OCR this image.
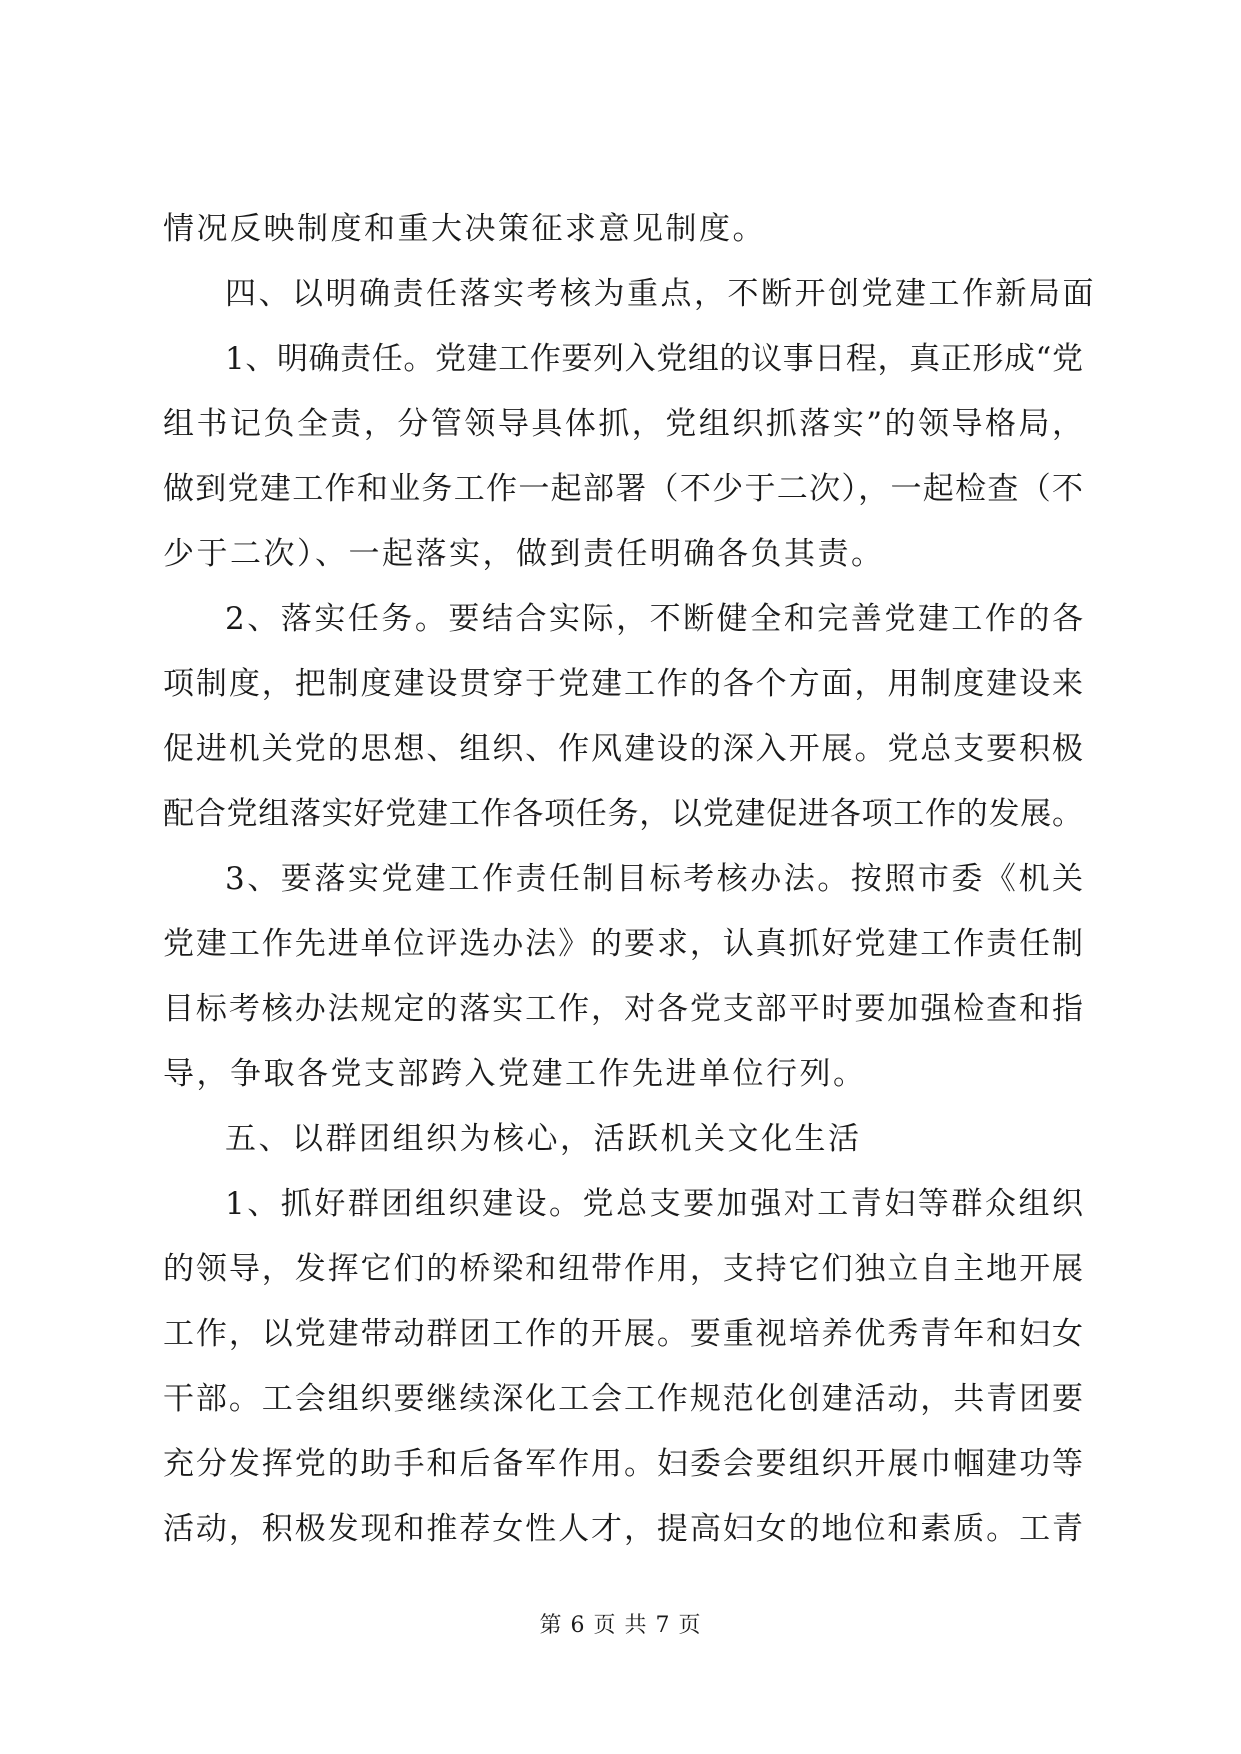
情况反映制度和重大决策征求意见制度。
四、以明确责任落实考核为重点，不断开创党建工作新局面
1、明确责任。党建工作要列入党组的议事日程，真正形成“党
组书记负全责，分管领导具体抓，党组织抓落实”的领导格局，
做到党建工作和业务工作一起部署（不少于二次），一起检查（不
少于二次）、一起落实，做到责任明确各负其责。
2、落实任务。要结合实际，不断健全和完善党建工作的各
项制度，把制度建设贯穿于党建工作的各个方面，用制度建设来
促进机关党的思想、组织、作风建设的深入开展。党总支要积极
配合党组落实好党建工作各项任务，以党建促进各项工作的发展。
3、要落实党建工作责任制目标考核办法。按照市委《机关
党建工作先进单位评选办法》的要求，认真抓好党建工作责任制
目标考核办法规定的落实工作，对各党支部平时要加强检查和指
导，争取各党支部跨入党建工作先进单位行列。
五、以群团组织为核心，活跃机关文化生活
1、抓好群团组织建设。党总支要加强对工青妇等群众组织
的领导，发挥它们的桥梁和纽带作用，支持它们独立自主地开展
工作，以党建带动群团工作的开展。要重视培养优秀青年和妇女
干部。工会组织要继续深化工会工作规范化创建活动，共青团要
充分发挥党的助手和后备军作用。妇委会要组织开展巾帼建功等
活动，积极发现和推荐女性人才，提高妇女的地位和素质。工青
第 6 页 共 7 页
